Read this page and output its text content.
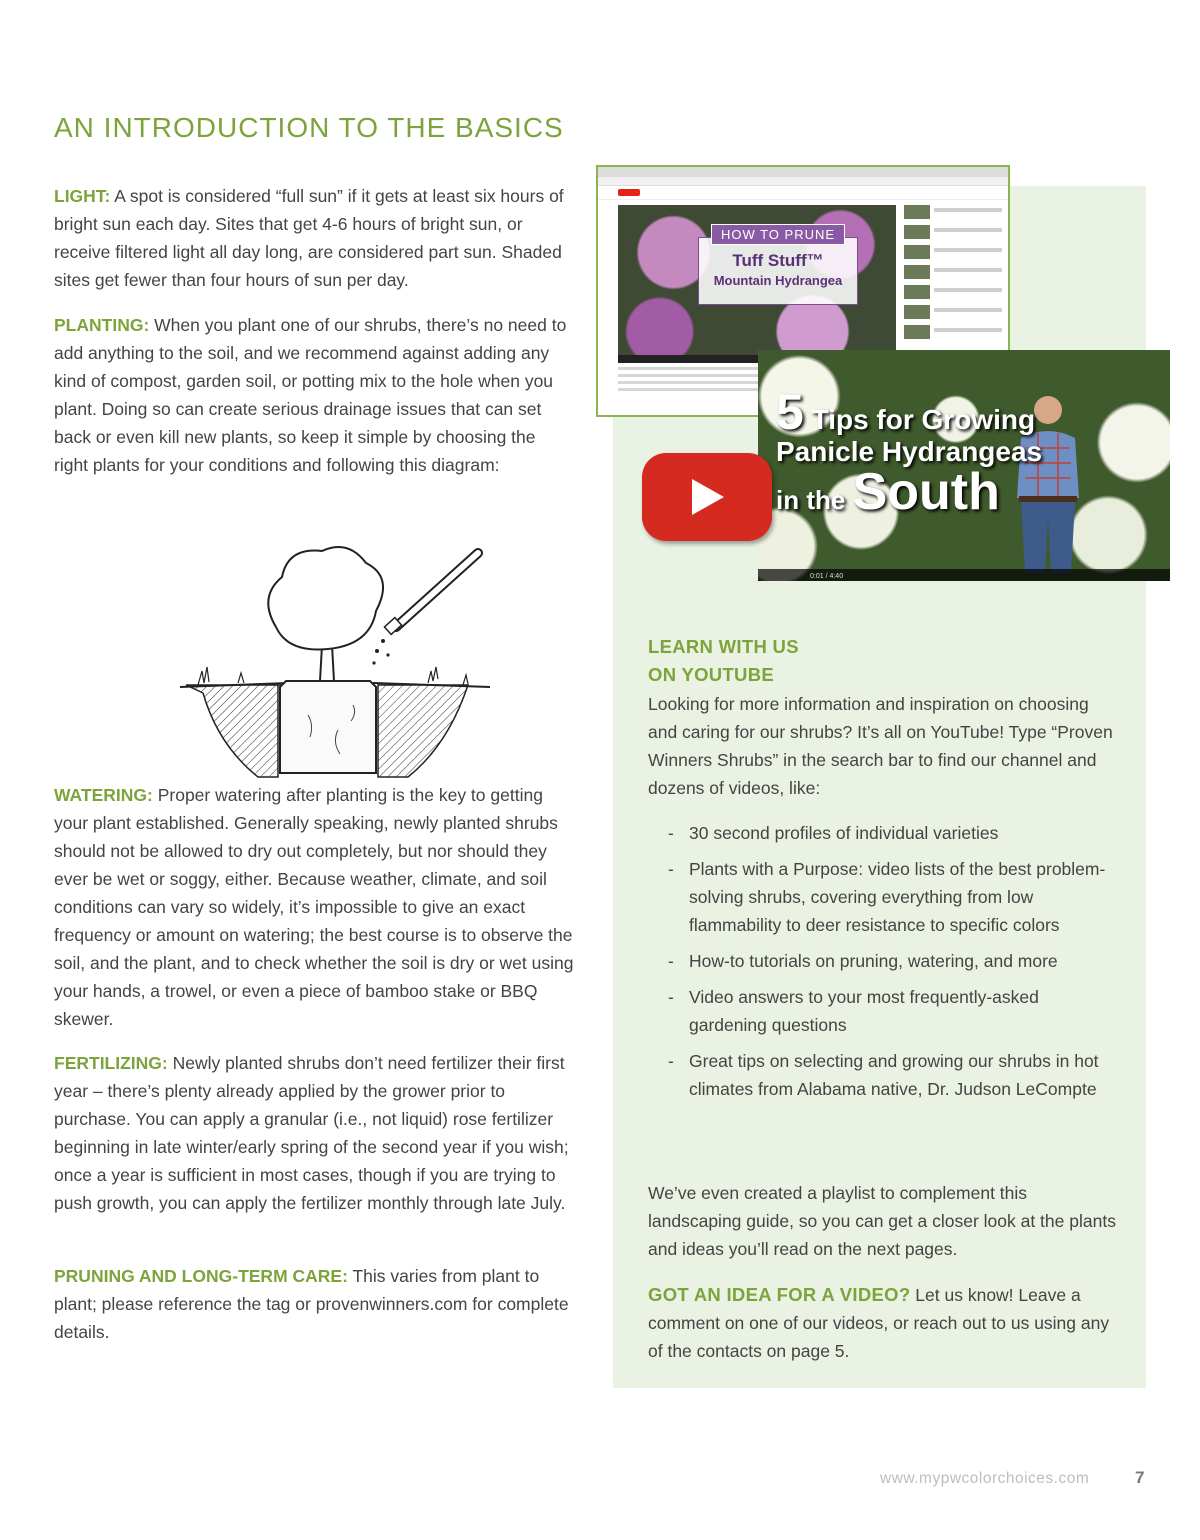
AN INTRODUCTION TO THE BASICS

LIGHT: A spot is considered “full sun” if it gets at least six hours of bright sun each day. Sites that get 4-6 hours of bright sun, or receive filtered light all day long, are considered part sun. Shaded sites get fewer than four hours of sun per day.

PLANTING: When you plant one of our shrubs, there’s no need to add anything to the soil, and we recommend against adding any kind of compost, garden soil, or potting mix to the hole when you plant. Doing so can create serious drainage issues that can set back or even kill new plants, so keep it simple by choosing the right plants for your conditions and following this diagram:

WATERING: Proper watering after planting is the key to getting your plant established. Generally speaking, newly planted shrubs should not be allowed to dry out completely, but nor should they ever be wet or soggy, either. Because weather, climate, and soil conditions can vary so widely, it’s impossible to give an exact frequency or amount on watering; the best course is to observe the soil, and the plant, and to check whether the soil is dry or wet using your hands, a trowel, or even a piece of bamboo stake or BBQ skewer.

FERTILIZING: Newly planted shrubs don’t need fertilizer their first year – there’s plenty already applied by the grower prior to purchase. You can apply a granular (i.e., not liquid) rose fertilizer beginning in late winter/early spring of the second year if you wish; once a year is sufficient in most cases, though if you are trying to push growth, you can apply the fertilizer monthly through late July.

PRUNING AND LONG-TERM CARE: This varies from plant to plant; please reference the tag or provenwinners.com for complete details.

HOW TO PRUNE
Tuff Stuff™
Mountain Hydrangea
5 Tips for Growing
Panicle Hydrangeas
in the South
0:01 / 4:40
LEARN WITH US
ON YOUTUBE

Looking for more information and inspiration on choosing and caring for our shrubs? It’s all on YouTube! Type “Proven Winners Shrubs” in the search bar to find our channel and dozens of videos, like:

- 30 second profiles of individual varieties
- Plants with a Purpose: video lists of the best problem-solving shrubs, covering everything from low flammability to deer resistance to specific colors
- How-to tutorials on pruning, watering, and more
- Video answers to your most frequently-asked gardening questions
- Great tips on selecting and growing our shrubs in hot climates from Alabama native, Dr. Judson LeCompte

We’ve even created a playlist to complement this landscaping guide, so you can get a closer look at the plants and ideas you’ll read on the next pages.

GOT AN IDEA FOR A VIDEO? Let us know! Leave a comment on one of our videos, or reach out to us using any of the contacts on page 5.

www.mypwcolorchoices.com	7
